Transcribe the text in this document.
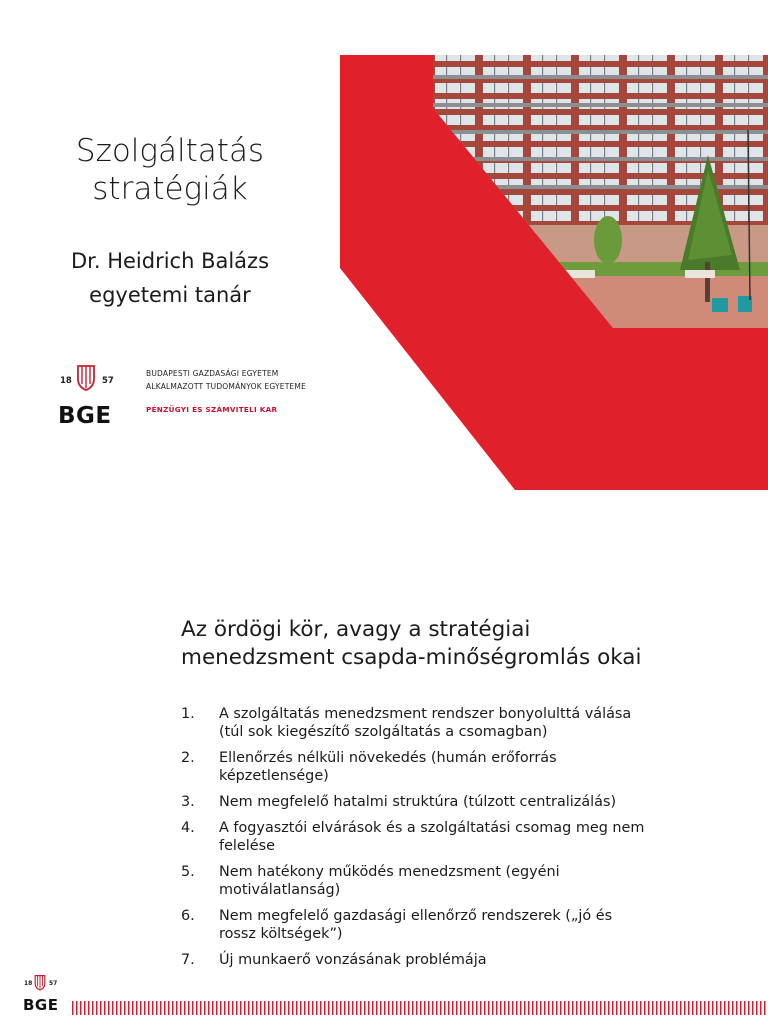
Szolgáltatás
stratégiák
Dr. Heidrich Balázs
egyetemi tanár
18	57
BGE
BUDAPESTI GAZDASÁGI EGYETEM
ALKALMAZOTT TUDOMÁNYOK EGYETEME
PÉNZÜGYI ÉS SZÁMVITELI KAR
Az ördögi kör, avagy a stratégiai
menedzsment csapda-minőségromlás okai
1.	A szolgáltatás menedzsment rendszer bonyolulttá válása (túl sok kiegészítő szolgáltatás a csomagban)
2.	Ellenőrzés nélküli növekedés (humán erőforrás képzetlensége)
3.	Nem megfelelő hatalmi struktúra (túlzott centralizálás)
4.	A fogyasztói elvárások és a szolgáltatási csomag meg nem felelése
5.	Nem hatékony működés menedzsment (egyéni motiválatlanság)
6.	Nem megfelelő gazdasági ellenőrző rendszerek („jó és rossz költségek”)
7.	Új munkaerő vonzásának problémája
18	57
BGE
